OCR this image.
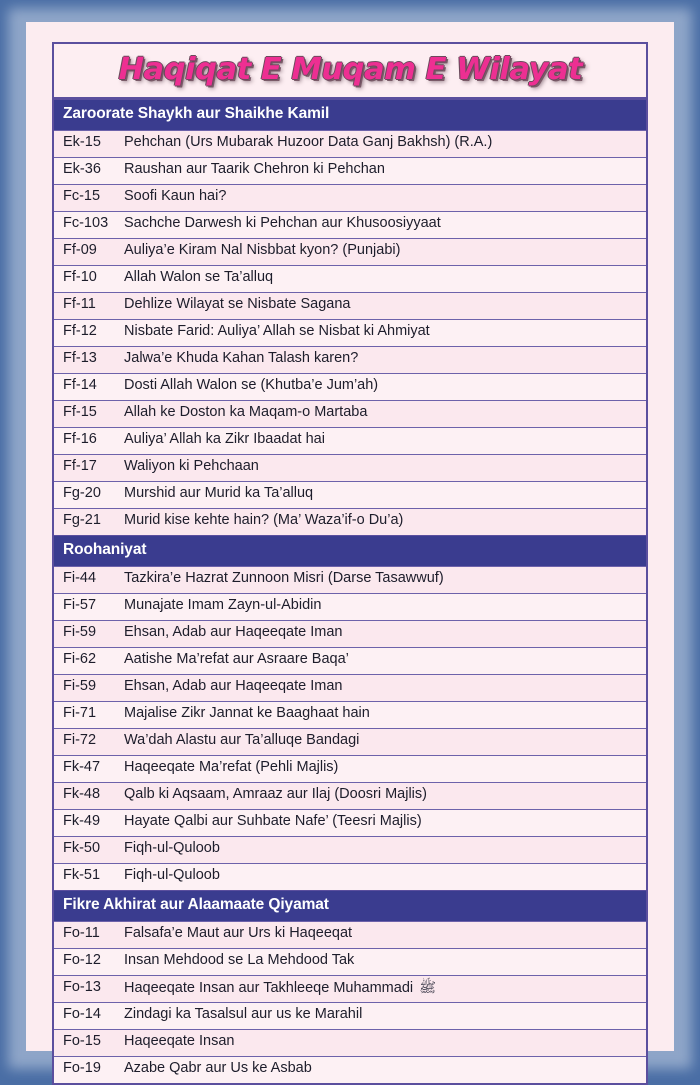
Haqiqat E Muqam E Wilayat
Zaroorate Shaykh aur Shaikhe Kamil
Ek-15	Pehchan (Urs Mubarak Huzoor Data Ganj Bakhsh) (R.A.)
Ek-36	Raushan aur Taarik Chehron ki Pehchan
Fc-15	Soofi Kaun hai?
Fc-103	Sachche Darwesh ki Pehchan aur Khusoosiyyaat
Ff-09	Auliya’e Kiram Nal Nisbbat kyon? (Punjabi)
Ff-10	Allah Walon se Ta’alluq
Ff-11	Dehlize Wilayat se Nisbate Sagana
Ff-12	Nisbate Farid: Auliya’ Allah se Nisbat ki Ahmiyat
Ff-13	Jalwa’e Khuda Kahan Talash karen?
Ff-14	Dosti Allah Walon se (Khutba’e Jum’ah)
Ff-15	Allah ke Doston ka Maqam-o Martaba
Ff-16	Auliya’ Allah ka Zikr Ibaadat hai
Ff-17	Waliyon ki Pehchaan
Fg-20	Murshid aur Murid ka Ta’alluq
Fg-21	Murid kise kehte hain? (Ma’ Waza’if-o Du’a)
Roohaniyat
Fi-44	Tazkira’e Hazrat Zunnoon Misri (Darse Tasawwuf)
Fi-57	Munajate Imam Zayn-ul-Abidin
Fi-59	Ehsan, Adab aur Haqeeqate Iman
Fi-62	Aatishe Ma’refat aur Asraare Baqa’
Fi-59	Ehsan, Adab aur Haqeeqate Iman
Fi-71	Majalise Zikr Jannat ke Baaghaat hain
Fi-72	Wa’dah Alastu aur Ta’alluqe Bandagi
Fk-47	Haqeeqate Ma’refat (Pehli Majlis)
Fk-48	Qalb ki Aqsaam, Amraaz aur Ilaj (Doosri Majlis)
Fk-49	Hayate Qalbi aur Suhbate Nafe’ (Teesri Majlis)
Fk-50	Fiqh-ul-Quloob
Fk-51	Fiqh-ul-Quloob
Fikre Akhirat aur Alaamaate Qiyamat
Fo-11	Falsafa’e Maut aur Urs ki Haqeeqat
Fo-12	Insan Mehdood se La Mehdood Tak
Fo-13	Haqeeqate Insan aur Takhleeqe Muhammadi ﷺ
Fo-14	Zindagi ka Tasalsul aur us ke Marahil
Fo-15	Haqeeqate Insan
Fo-19	Azabe Qabr aur Us ke Asbab
